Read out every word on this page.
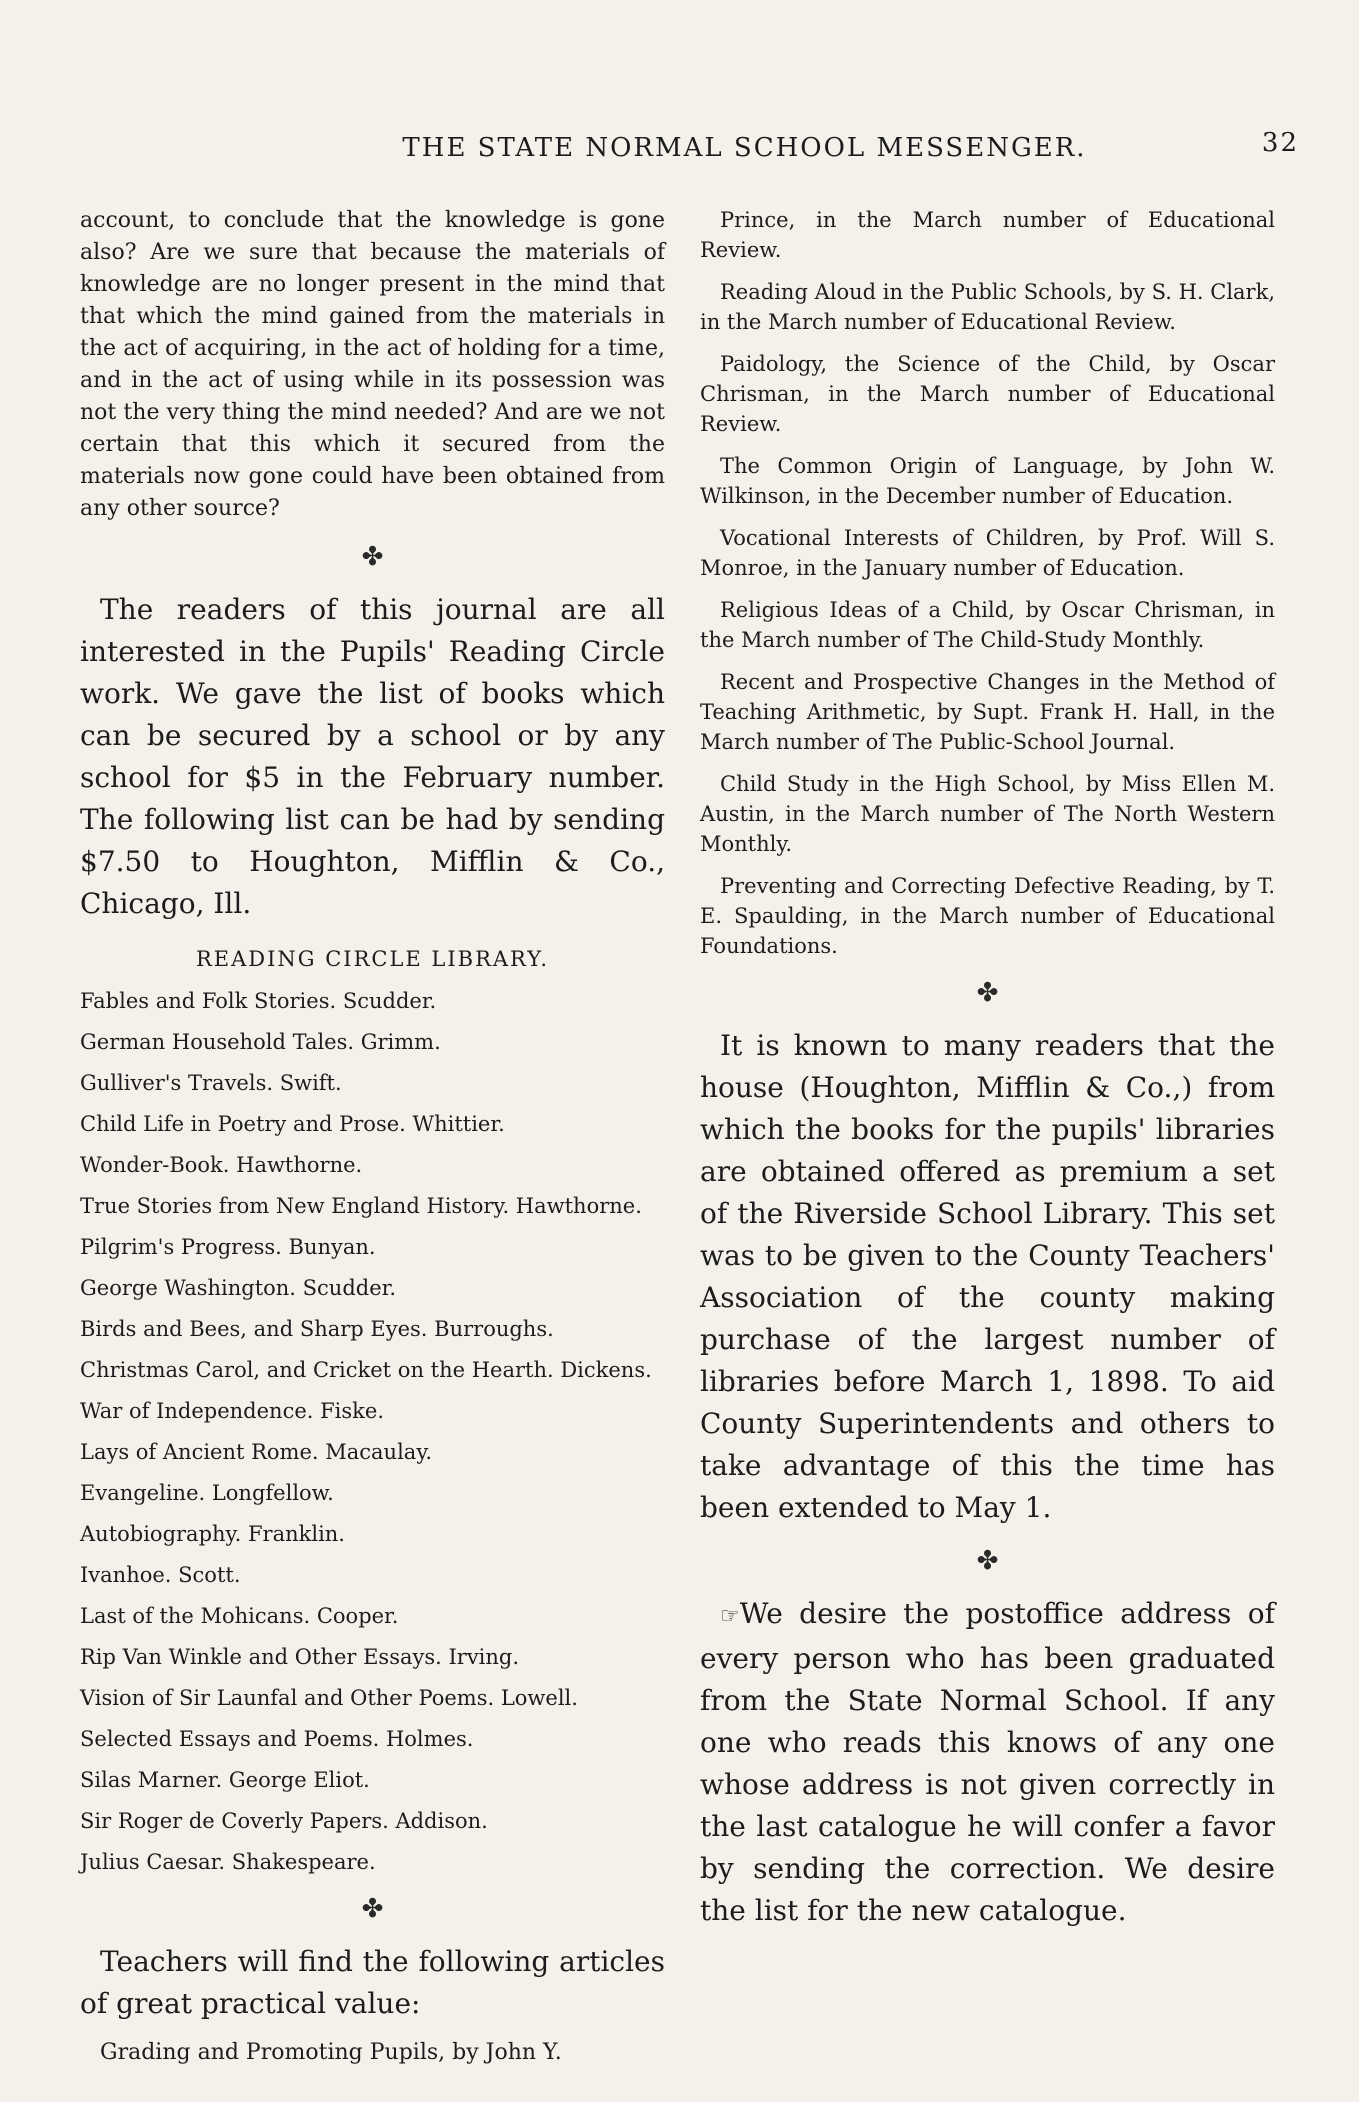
THE STATE NORMAL SCHOOL MESSENGER.	32

account, to conclude that the knowledge is gone also? Are we sure that because the materials of knowledge are no longer present in the mind that that which the mind gained from the materials in the act of acquiring, in the act of holding for a time, and in the act of using while in its possession was not the very thing the mind needed? And are we not certain that this which it secured from the materials now gone could have been obtained from any other source?

✤

The readers of this journal are all interested in the Pupils' Reading Circle work. We gave the list of books which can be secured by a school or by any school for $5 in the February number. The following list can be had by sending $7.50 to Houghton, Mifflin & Co., Chicago, Ill.

READING CIRCLE LIBRARY.

Fables and Folk Stories. Scudder.

German Household Tales. Grimm.

Gulliver's Travels. Swift.

Child Life in Poetry and Prose. Whittier.

Wonder-Book. Hawthorne.

True Stories from New England History. Hawthorne.

Pilgrim's Progress. Bunyan.

George Washington. Scudder.

Birds and Bees, and Sharp Eyes. Burroughs.

Christmas Carol, and Cricket on the Hearth. Dickens.

War of Independence. Fiske.

Lays of Ancient Rome. Macaulay.

Evangeline. Longfellow.

Autobiography. Franklin.

Ivanhoe. Scott.

Last of the Mohicans. Cooper.

Rip Van Winkle and Other Essays. Irving.

Vision of Sir Launfal and Other Poems. Lowell.

Selected Essays and Poems. Holmes.

Silas Marner. George Eliot.

Sir Roger de Coverly Papers. Addison.

Julius Caesar. Shakespeare.

✤

Teachers will find the following articles of great practical value:

Grading and Promoting Pupils, by John Y.

Prince, in the March number of Educational Review.

Reading Aloud in the Public Schools, by S. H. Clark, in the March number of Educational Review.

Paidology, the Science of the Child, by Oscar Chrisman, in the March number of Educational Review.

The Common Origin of Language, by John W. Wilkinson, in the December number of Education.

Vocational Interests of Children, by Prof. Will S. Monroe, in the January number of Education.

Religious Ideas of a Child, by Oscar Chrisman, in the March number of The Child-Study Monthly.

Recent and Prospective Changes in the Method of Teaching Arithmetic, by Supt. Frank H. Hall, in the March number of The Public-School Journal.

Child Study in the High School, by Miss Ellen M. Austin, in the March number of The North Western Monthly.

Preventing and Correcting Defective Reading, by T. E. Spaulding, in the March number of Educational Foundations.

✤

It is known to many readers that the house (Houghton, Mifflin & Co.,) from which the books for the pupils' libraries are obtained offered as premium a set of the Riverside School Library. This set was to be given to the County Teachers' Association of the county making purchase of the largest number of libraries before March 1, 1898. To aid County Superintendents and others to take advantage of this the time has been extended to May 1.

✤

☞We desire the postoffice address of every person who has been graduated from the State Normal School. If any one who reads this knows of any one whose address is not given correctly in the last catalogue he will confer a favor by sending the correction. We desire the list for the new catalogue.
